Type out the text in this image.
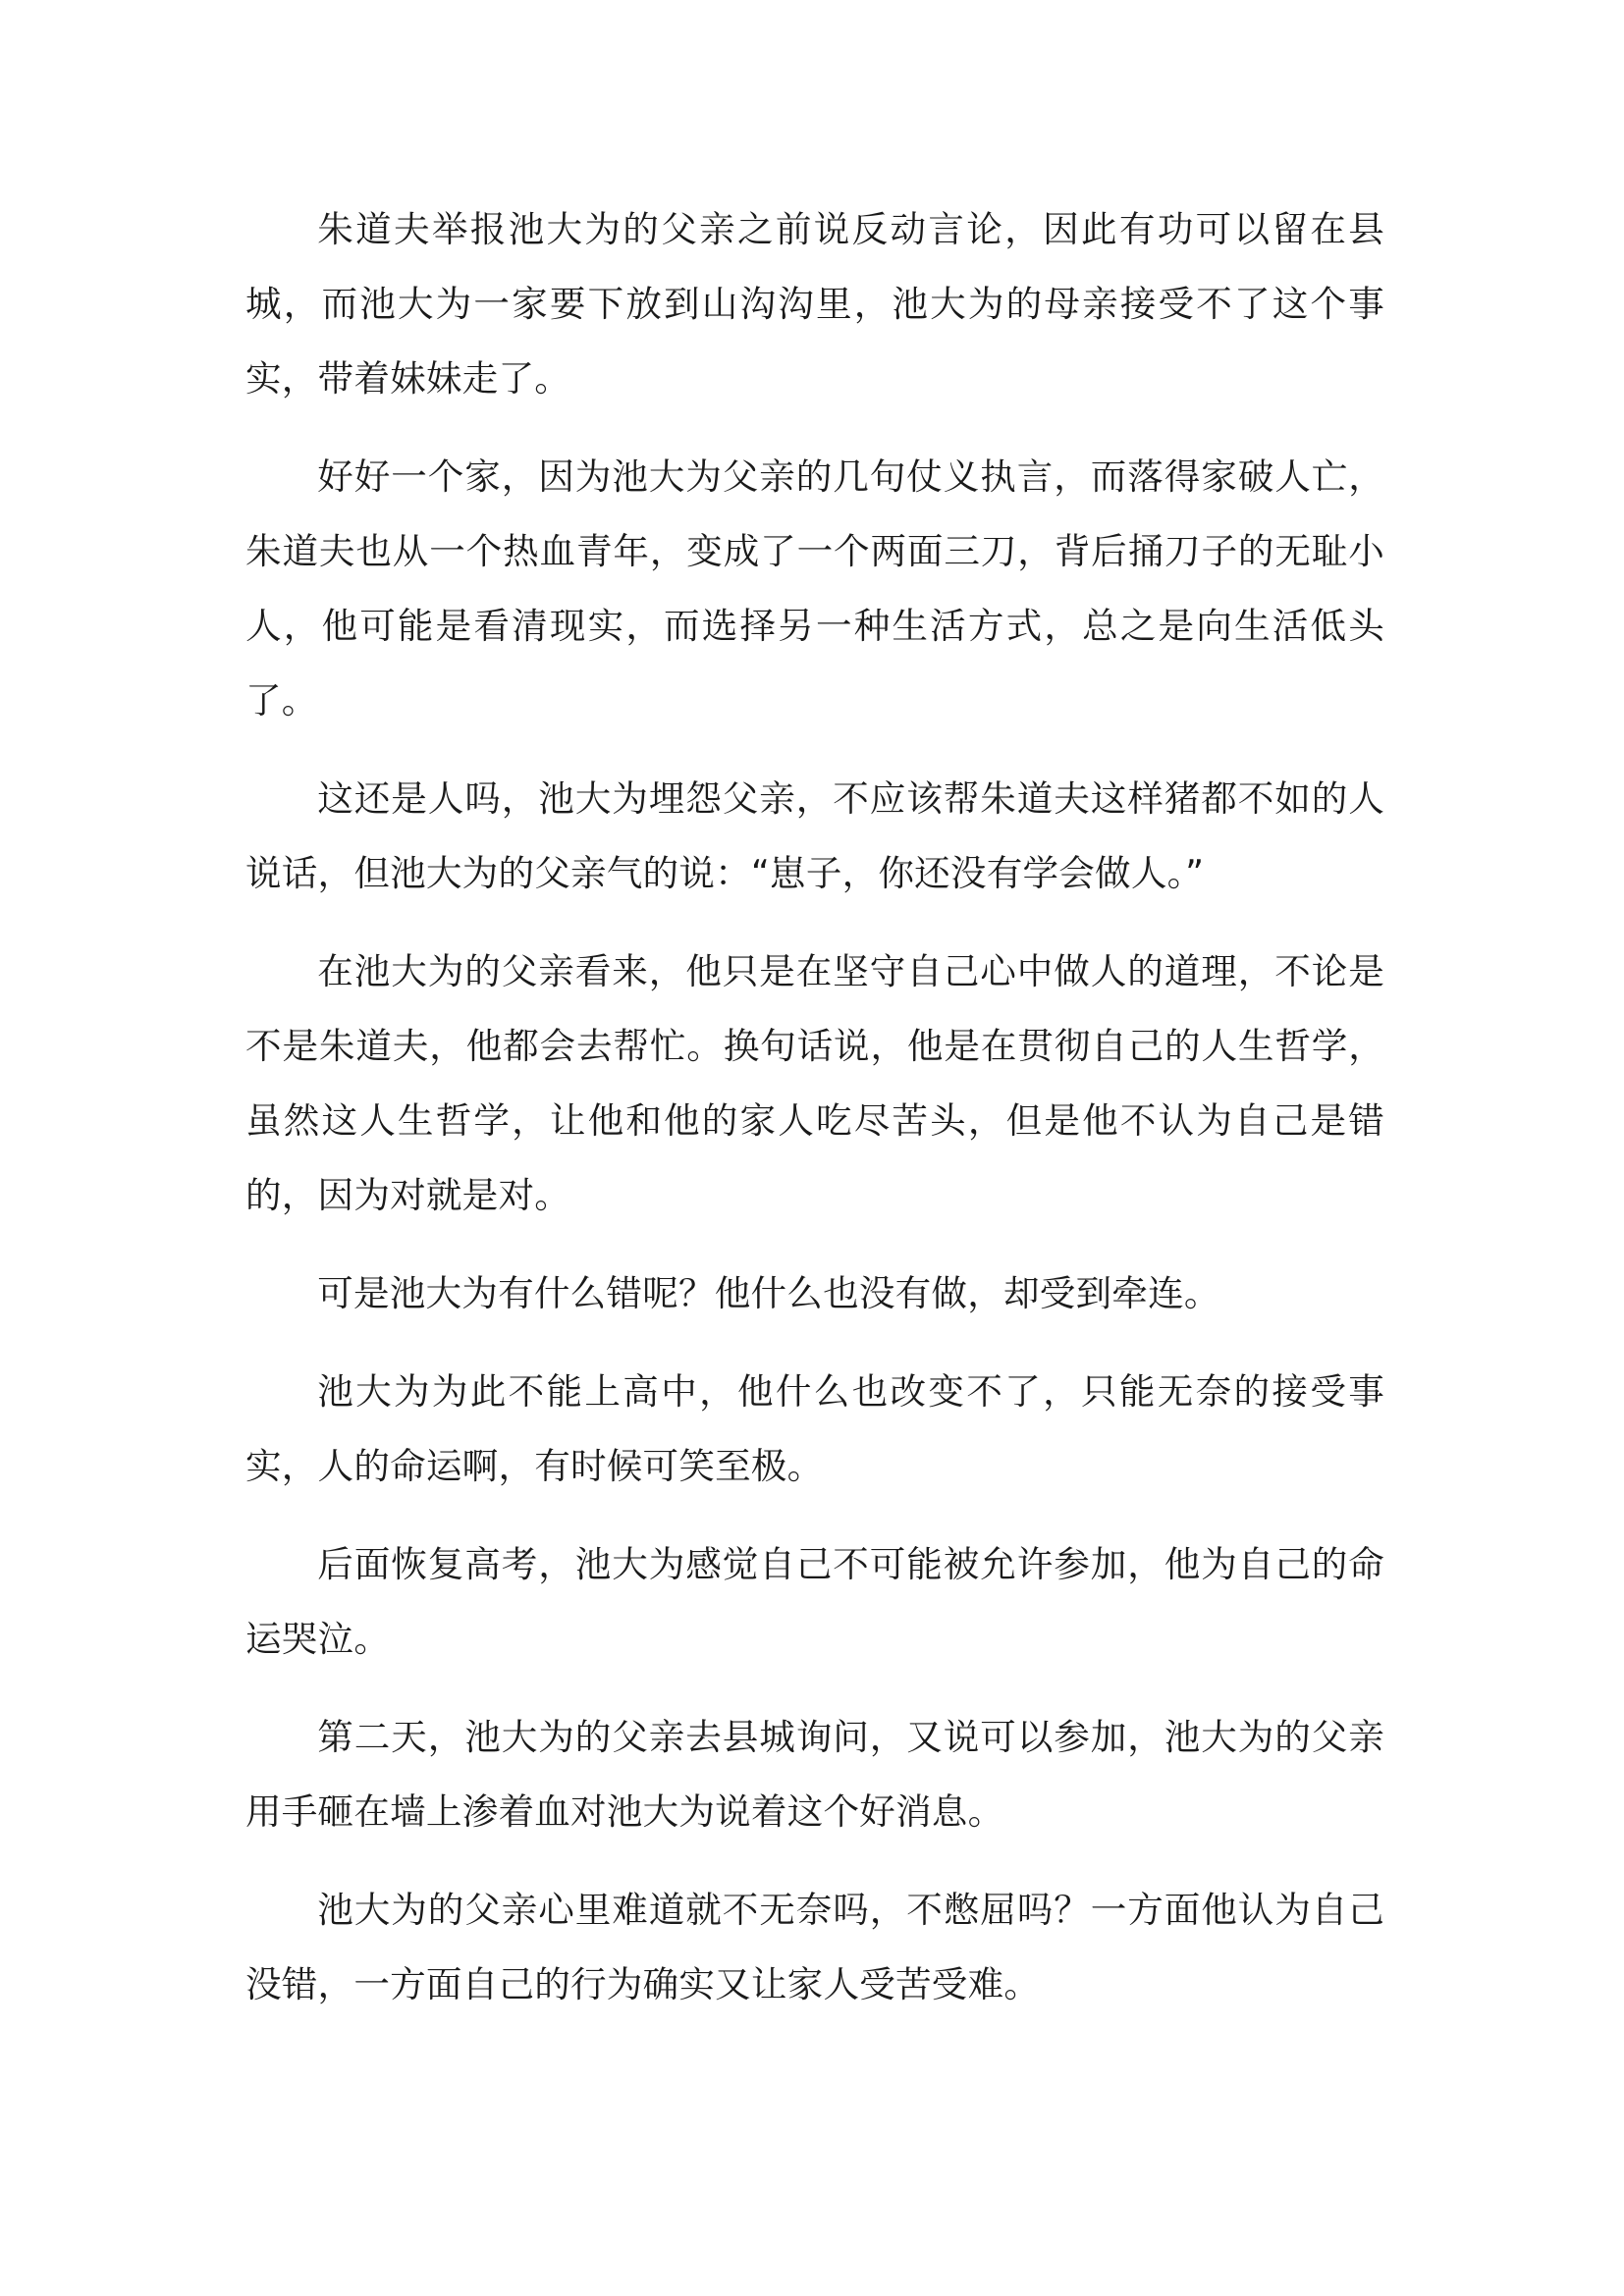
朱道夫举报池大为的父亲之前说反动言论，因此有功可以留在县城，而池大为一家要下放到山沟沟里，池大为的母亲接受不了这个事实，带着妹妹走了。

好好一个家，因为池大为父亲的几句仗义执言，而落得家破人亡，朱道夫也从一个热血青年，变成了一个两面三刀，背后捅刀子的无耻小人，他可能是看清现实，而选择另一种生活方式，总之是向生活低头了。

这还是人吗，池大为埋怨父亲，不应该帮朱道夫这样猪都不如的人说话，但池大为的父亲气的说：“崽子，你还没有学会做人。”

在池大为的父亲看来，他只是在坚守自己心中做人的道理，不论是不是朱道夫，他都会去帮忙。换句话说，他是在贯彻自己的人生哲学，虽然这人生哲学，让他和他的家人吃尽苦头，但是他不认为自己是错的，因为对就是对。

可是池大为有什么错呢？他什么也没有做，却受到牵连。

池大为为此不能上高中，他什么也改变不了，只能无奈的接受事实，人的命运啊，有时候可笑至极。

后面恢复高考，池大为感觉自己不可能被允许参加，他为自己的命运哭泣。

第二天，池大为的父亲去县城询问，又说可以参加，池大为的父亲用手砸在墙上渗着血对池大为说着这个好消息。

池大为的父亲心里难道就不无奈吗，不憋屈吗？一方面他认为自己没错，一方面自己的行为确实又让家人受苦受难。
